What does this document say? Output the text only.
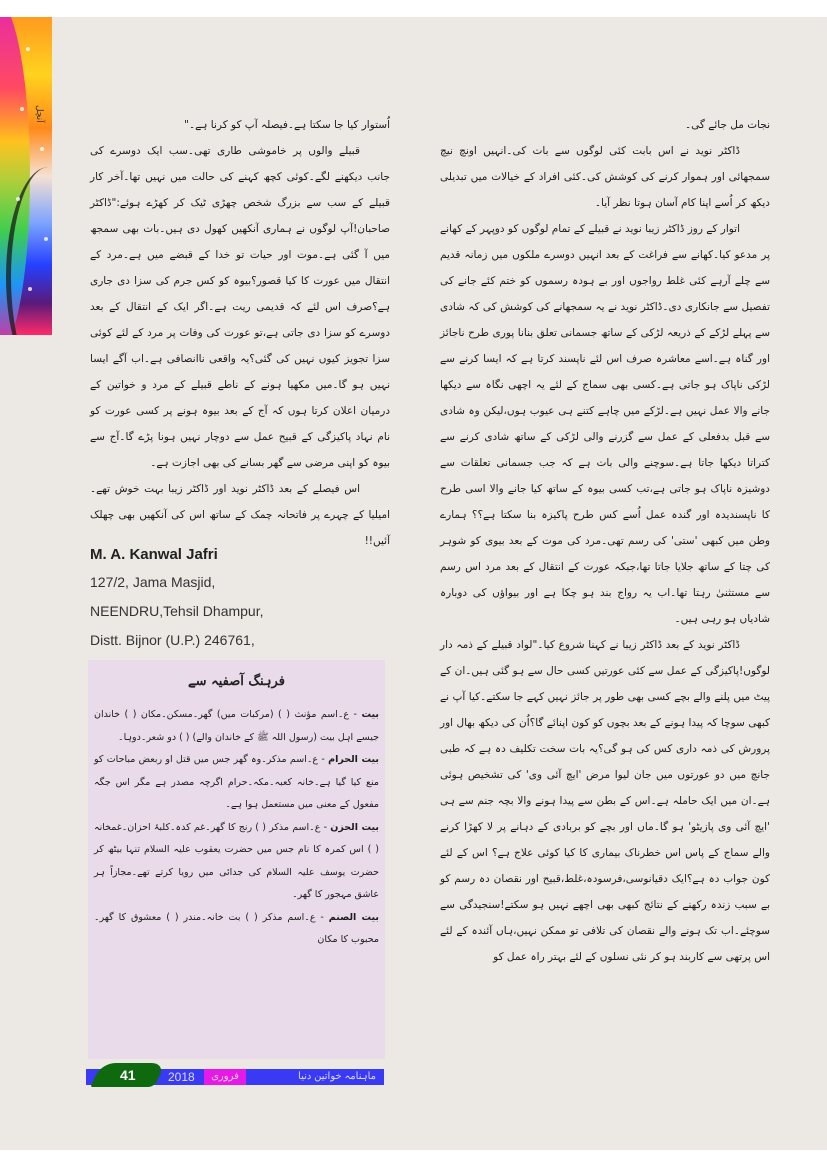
آنچل

نجات مل جائے گی۔

ڈاکٹر نوید نے اس بابت کئی لوگوں سے بات کی۔انہیں اونچ نیچ سمجھائی اور ہموار کرنے کی کوشش کی۔کئی افراد کے خیالات میں تبدیلی دیکھ کر اُسے اپنا کام آسان ہوتا نظر آیا۔

اتوار کے روز ڈاکٹر زیبا نوید نے قبیلے کے تمام لوگوں کو دوپہر کے کھانے پر مدعو کیا۔کھانے سے فراغت کے بعد انہیں دوسرے ملکوں میں زمانہ قدیم سے چلے آرہے کئی غلط رواجوں اور بے ہودہ رسموں کو ختم کئے جانے کی تفصیل سے جانکاری دی۔ڈاکٹر نوید نے یہ سمجھانے کی کوشش کی کہ شادی سے پہلے لڑکے کے ذریعہ لڑکی کے ساتھ جسمانی تعلق بنانا پوری طرح ناجائز اور گناہ ہے۔اسے معاشرہ صرف اس لئے ناپسند کرتا ہے کہ ایسا کرنے سے لڑکی ناپاک ہو جاتی ہے۔کسی بھی سماج کے لئے یہ اچھی نگاہ سے دیکھا جانے والا عمل نہیں ہے۔لڑکے میں چاہے کتنے ہی عیوب ہوں،لیکن وہ شادی سے قبل بدفعلی کے عمل سے گزرنے والی لڑکی کے ساتھ شادی کرنے سے کتراتا دیکھا جاتا ہے۔سوچنے والی بات ہے کہ جب جسمانی تعلقات سے دوشیزہ ناپاک ہو جاتی ہے،تب کسی بیوہ کے ساتھ کیا جانے والا اسی طرح کا ناپسندیدہ اور گندہ عمل اُسے کس طرح پاکیزہ بنا سکتا ہے؟؟ ہمارے وطن میں کبھی 'ستی' کی رسم تھی۔مرد کی موت کے بعد بیوی کو شوہر کی چتا کے ساتھ جلایا جاتا تھا،جبکہ عورت کے انتقال کے بعد مرد اس رسم سے مستثنیٰ رہتا تھا۔اب یہ رواج بند ہو چکا ہے اور بیواؤں کی دوبارہ شادیاں ہو رہی ہیں۔

ڈاکٹر نوید کے بعد ڈاکٹر زیبا نے کہنا شروع کیا۔"لواد قبیلے کے ذمہ دار لوگوں!پاکیزگی کے عمل سے کئی عورتیں کسی حال سے ہو گئی ہیں۔ان کے پیٹ میں پلنے والے بچے کسی بھی طور پر جائز نہیں کہے جا سکتے۔کیا آپ نے کبھی سوچا کہ پیدا ہونے کے بعد بچوں کو کون اپنائے گا؟اُن کی دیکھ بھال اور پرورش کی ذمہ داری کس کی ہو گی؟یہ بات سخت تکلیف دہ ہے کہ طبی جانچ میں دو عورتوں میں جان لیوا مرض 'ایچ آئی وی' کی تشخیص ہوئی ہے۔ان میں ایک حاملہ ہے۔اس کے بطن سے پیدا ہونے والا بچہ جنم سے ہی 'ایچ آئی وی پازیٹو' ہو گا۔ماں اور بچے کو بربادی کے دہانے پر لا کھڑا کرنے والے سماج کے پاس اس خطرناک بیماری کا کیا کوئی علاج ہے؟ اس کے لئے کون جواب دہ ہے؟ایک دقیانوسی،فرسودہ،غلط،قبیح اور نقصان دہ رسم کو بے سبب زندہ رکھنے کے نتائج کبھی بھی اچھے نہیں ہو سکتے!سنجیدگی سے سوچئے۔اب تک ہونے والے نقصان کی تلافی تو ممکن نہیں،ہاں آئندہ کے لئے اس پرتھی سے کاربند ہو کر نئی نسلوں کے لئے بہتر راہ عمل کو

اُستوار کیا جا سکتا ہے۔فیصلہ آپ کو کرنا ہے۔"

قبیلے والوں پر خاموشی طاری تھی۔سب ایک دوسرے کی جانب دیکھنے لگے۔کوئی کچھ کہنے کی حالت میں نہیں تھا۔آخر کار قبیلے کے سب سے بزرگ شخص چھڑی ٹیک کر کھڑے ہوئے:"ڈاکٹر صاحبان!آپ لوگوں نے ہماری آنکھیں کھول دی ہیں۔بات بھی سمجھ میں آ گئی ہے۔موت اور حیات تو خدا کے قبضے میں ہے۔مرد کے انتقال میں عورت کا کیا قصور؟بیوہ کو کس جرم کی سزا دی جاری ہے؟صرف اس لئے کہ قدیمی ریت ہے۔اگر ایک کے انتقال کے بعد دوسرے کو سزا دی جاتی ہے،تو عورت کی وفات پر مرد کے لئے کوئی سزا تجویز کیوں نہیں کی گئی؟یہ واقعی ناانصافی ہے۔اب آگے ایسا نہیں ہو گا۔میں مکھیا ہونے کے ناطے قبیلے کے مرد و خواتین کے درمیان اعلان کرتا ہوں کہ آج کے بعد بیوہ ہونے پر کسی عورت کو نام نہاد پاکیزگی کے قبیح عمل سے دوچار نہیں ہونا پڑے گا۔آج سے بیوہ کو اپنی مرضی سے گھر بسانے کی بھی اجازت ہے۔

اس فیصلے کے بعد ڈاکٹر نوید اور ڈاکٹر زیبا بہت خوش تھے۔امیلیا کے چہرے پر فاتحانہ چمک کے ساتھ اس کی آنکھیں بھی چھلک آئیں!!

M. A. Kanwal Jafri
127/2, Jama Masjid,
NEENDRU,Tehsil Dhampur,
Distt. Bijnor (U.P.) 246761,
فرہنگ آصفیہ سے

بیت - ع۔اسم مؤنث ( ) (مرکبات میں) گھر۔مسکن۔مکان ( ) خاندان جیسے اہل بیت (رسول اللہ ﷺ کے خاندان والے) ( ) دو شعر۔دوہا۔

بیت الحرام - ع۔اسم مذکر۔وہ گھر جس میں قتل او ربعض مباحات کو منع کیا گیا ہے۔خانہ کعبہ۔مکہ۔حرام اگرچہ مصدر ہے مگر اس جگہ مفعول کے معنی میں مستعمل ہوا ہے۔

بیت الحزن - ع۔اسم مذکر ( ) رنج کا گھر۔غم کدہ۔کلبۂ احزان۔غمخانہ ( ) اس کمرہ کا نام جس میں حضرت یعقوب علیہ السلام تنہا بیٹھ کر حضرت یوسف علیہ السلام کی جدائی میں رویا کرتے تھے۔مجازاً ہر عاشق مہجور کا گھر۔

بیت الصنم - ع۔اسم مذکر ( ) بت خانہ۔مندر ( ) معشوق کا گھر۔محبوب کا مکان

41	2018	فروری	ماہنامہ خواتین دنیا
